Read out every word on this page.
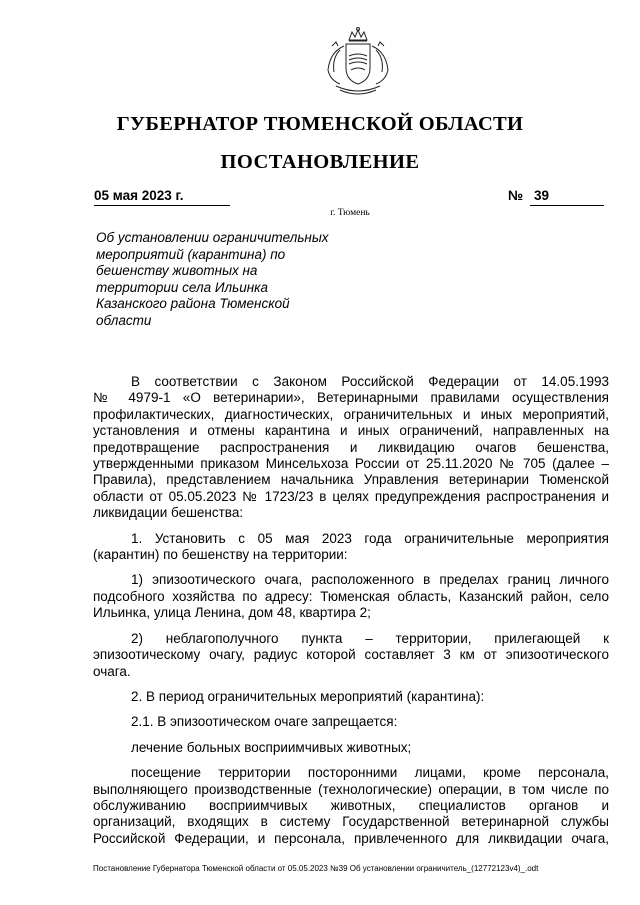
ГУБЕРНАТОР ТЮМЕНСКОЙ ОБЛАСТИ
ПОСТАНОВЛЕНИЕ
05 мая 2023 г.	№ 39
г. Тюмень
Об установлении ограничительных
мероприятий (карантина) по
бешенству животных на
территории села Ильинка
Казанского района Тюменской
области
В соответствии с Законом Российской Федерации от 14.05.1993
№ 4979-1 «О ветеринарии», Ветеринарными правилами осуществления
профилактических, диагностических, ограничительных и иных мероприятий,
установления и отмены карантина и иных ограничений, направленных на
предотвращение распространения и ликвидацию очагов бешенства,
утвержденными приказом Минсельхоза России от 25.11.2020 № 705 (далее –
Правила), представлением начальника Управления ветеринарии Тюменской
области от 05.05.2023 № 1723/23 в целях предупреждения распространения и
ликвидации бешенства:
1. Установить с 05 мая 2023 года ограничительные мероприятия
(карантин) по бешенству на территории:
1) эпизоотического очага, расположенного в пределах границ личного
подсобного хозяйства по адресу: Тюменская область, Казанский район, село
Ильинка, улица Ленина, дом 48, квартира 2;
2) неблагополучного пункта – территории, прилегающей к
эпизоотическому очагу, радиус которой составляет 3 км от эпизоотического
очага.
2. В период ограничительных мероприятий (карантина):
2.1. В эпизоотическом очаге запрещается:
лечение больных восприимчивых животных;
посещение территории посторонними лицами, кроме персонала,
выполняющего производственные (технологические) операции, в том числе по
обслуживанию восприимчивых животных, специалистов органов и
организаций, входящих в систему Государственной ветеринарной службы
Российской Федерации, и персонала, привлеченного для ликвидации очага,
Постановление Губернатора Тюменской области от 05.05.2023 №39 Об установлении ограничитель_(12772123v4)_.odt
